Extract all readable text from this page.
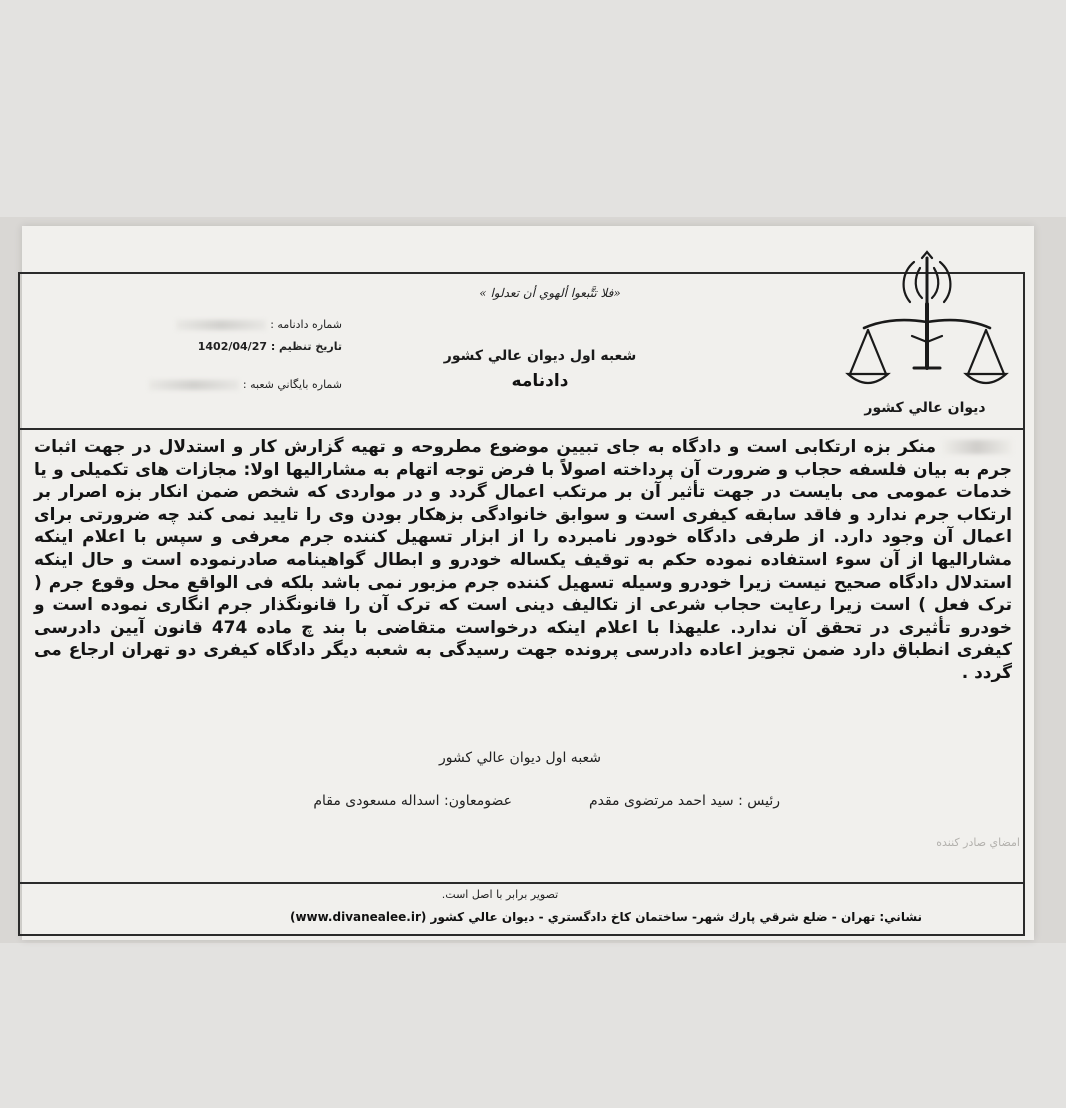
«فلا تتَّبعوا ألهوي أن تعدلوا »
ديوان عالي كشور
شعبه اول ديوان عالي كشور
دادنامه
شماره دادنامه :
تاريخ تنظيم : 1402/04/27
شماره بايگاني شعبه :
منکر بزه ارتکابی است و دادگاه به جای تبیین موضوع مطروحه و تهیه گزارش کار و استدلال در جهت اثبات جرم به بیان فلسفه حجاب و ضرورت آن پرداخته اصولاً با فرض توجه اتهام به مشارالیها اولا: مجازات های تکمیلی و یا خدمات عمومی می بایست در جهت تأثیر آن بر مرتکب اعمال گردد و در مواردی که شخص ضمن انکار بزه اصرار بر ارتکاب جرم ندارد و فاقد سابقه کیفری است و سوابق خانوادگی بزهکار بودن وی را تایید نمی کند چه ضرورتی برای اعمال آن وجود دارد. از طرفی دادگاه خودور نامبرده را از ابزار تسهیل کننده جرم معرفی و سپس با اعلام اینکه مشارالیها از آن سوء استفاده نموده حکم به توقیف یکساله خودرو و ابطال گواهینامه صادرنموده است و حال اینکه استدلال دادگاه صحیح نیست زیرا خودرو وسیله تسهیل کننده جرم مزبور نمی باشد بلکه فی الواقع محل وقوع جرم ( ترک فعل ) است زیرا رعایت حجاب شرعی از تکالیف دینی است که ترک آن را قانونگذار جرم انگاری نموده است و خودرو تأثیری در تحقق آن ندارد. علیهذا با اعلام اینکه درخواست متقاضی با بند چ ماده 474 قانون آیین دادرسی کیفری انطباق دارد ضمن تجویز اعاده دادرسی پرونده جهت رسیدگی به شعبه دیگر دادگاه کیفری دو تهران ارجاع می گردد .
شعبه اول ديوان عالي كشور
رئیس : سید احمد مرتضوی مقدم
عضومعاون: اسداله مسعودی مقام
امضاي صادر كننده
تصوير برابر با اصل است.
نشاني: تهران - ضلع شرقي پارك شهر- ساختمان كاخ دادگستري - ديوان عالي كشور (www.divanealee.ir)
